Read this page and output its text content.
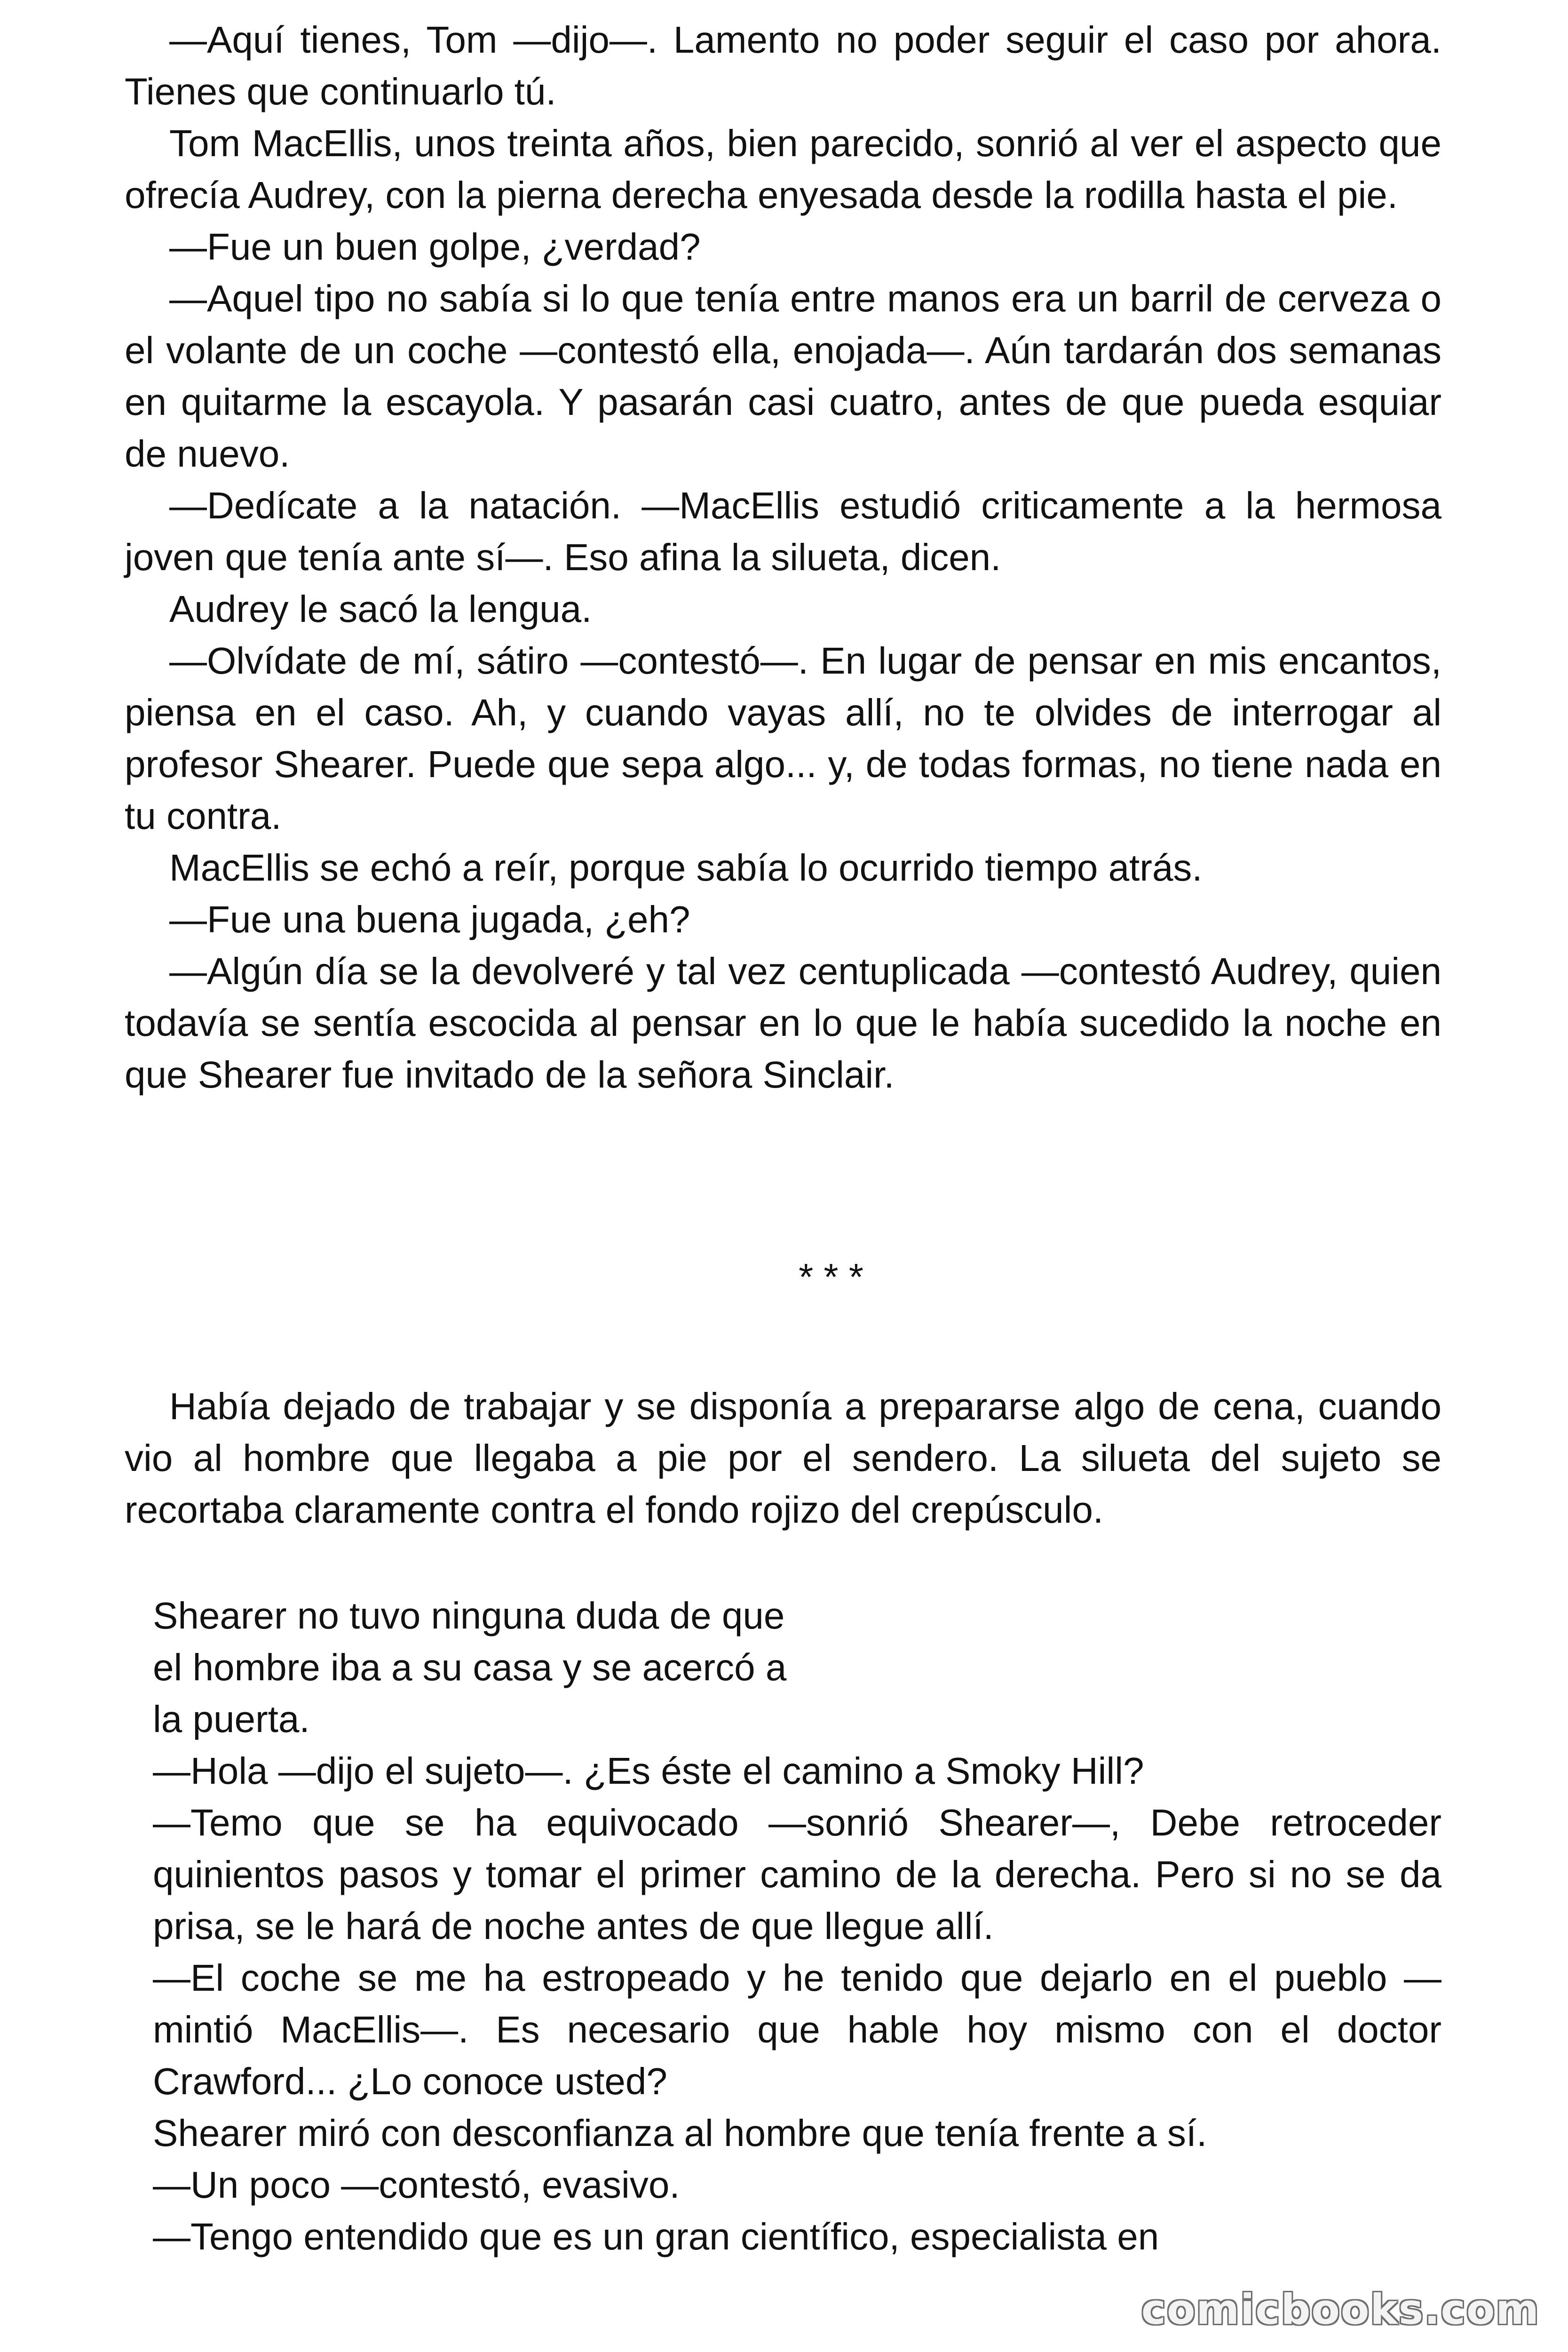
—Aquí tienes, Tom —dijo—. Lamento no poder seguir el caso por ahora. Tienes que continuarlo tú.

Tom MacEllis, unos treinta años, bien parecido, sonrió al ver el aspecto que ofrecía Audrey, con la pierna derecha enyesada desde la rodilla hasta el pie.

—Fue un buen golpe, ¿verdad?

—Aquel tipo no sabía si lo que tenía entre manos era un barril de cerveza o el volante de un coche —contestó ella, enojada—. Aún tardarán dos semanas en quitarme la escayola. Y pasarán casi cuatro, antes de que pueda esquiar de nuevo.

—Dedícate a la natación. —MacEllis estudió criticamente a la hermosa joven que tenía ante sí—. Eso afina la silueta, dicen.

Audrey le sacó la lengua.

—Olvídate de mí, sátiro —contestó—. En lugar de pensar en mis encantos, piensa en el caso. Ah, y cuando vayas allí, no te olvides de interrogar al profesor Shearer. Puede que sepa algo... y, de todas formas, no tiene nada en tu contra.

MacEllis se echó a reír, porque sabía lo ocurrido tiempo atrás.

—Fue una buena jugada, ¿eh?

—Algún día se la devolveré y tal vez centuplicada —contestó Audrey, quien todavía se sentía escocida al pensar en lo que le había sucedido la noche en que Shearer fue invitado de la señora Sinclair.

* * *

Había dejado de trabajar y se disponía a prepararse algo de cena, cuando vio al hombre que llegaba a pie por el sendero. La silueta del sujeto se recortaba claramente contra el fondo rojizo del crepúsculo.

Shearer no tuvo ninguna duda de que

el hombre iba a su casa y se acercó a

la puerta.

—Hola —dijo el sujeto—. ¿Es éste el camino a Smoky Hill?

—Temo que se ha equivocado —sonrió Shearer—, Debe retroceder quinientos pasos y tomar el primer camino de la derecha. Pero si no se da prisa, se le hará de noche antes de que llegue allí.

—El coche se me ha estropeado y he tenido que dejarlo en el pueblo —mintió MacEllis—. Es necesario que hable hoy mismo con el doctor Crawford... ¿Lo conoce usted?

Shearer miró con desconfianza al hombre que tenía frente a sí.

—Un poco —contestó, evasivo.

—Tengo entendido que es un gran científico, especialista en

comicbooks.com
